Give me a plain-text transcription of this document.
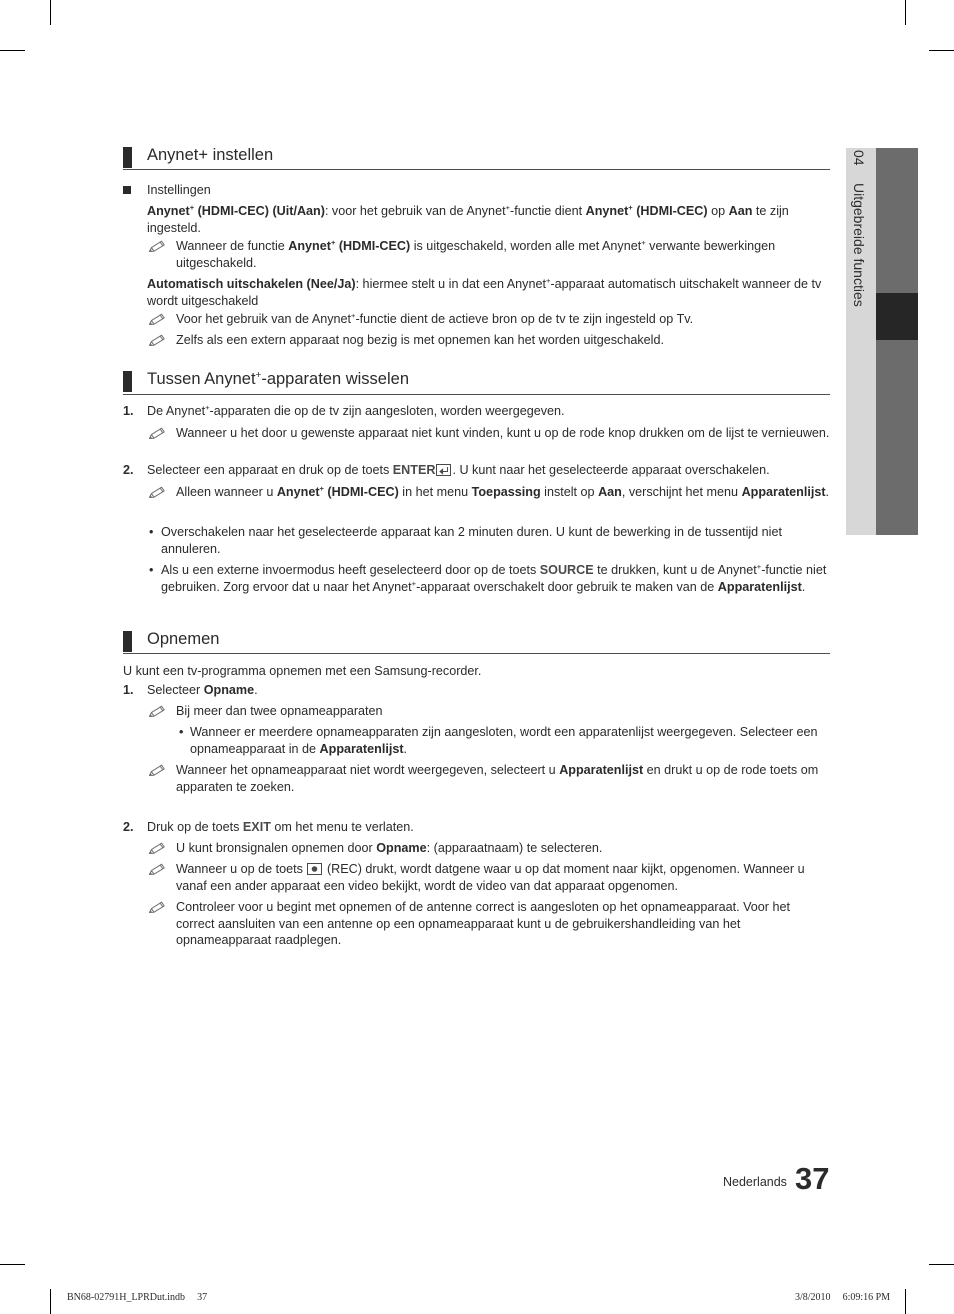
04
Uitgebreide functies
Anynet+ instellen
Instellingen
Anynet+ (HDMI-CEC) (Uit/Aan): voor het gebruik van de Anynet+-functie dient Anynet+ (HDMI-CEC) op Aan te zijn ingesteld.
Wanneer de functie Anynet+ (HDMI-CEC) is uitgeschakeld, worden alle met Anynet+ verwante bewerkingen uitgeschakeld.
Automatisch uitschakelen (Nee/Ja): hiermee stelt u in dat een Anynet+-apparaat automatisch uitschakelt wanneer de tv wordt uitgeschakeld
Voor het gebruik van de Anynet+-functie dient de actieve bron op de tv te zijn ingesteld op Tv.
Zelfs als een extern apparaat nog bezig is met opnemen kan het worden uitgeschakeld.
Tussen Anynet+-apparaten wisselen
1.	De Anynet+-apparaten die op de tv zijn aangesloten, worden weergegeven.
Wanneer u het door u gewenste apparaat niet kunt vinden, kunt u op de rode knop drukken om de lijst te vernieuwen.
2.	Selecteer een apparaat en druk op de toets ENTER . U kunt naar het geselecteerde apparaat overschakelen.
Alleen wanneer u Anynet+ (HDMI-CEC) in het menu Toepassing instelt op Aan, verschijnt het menu Apparatenlijst.
• Overschakelen naar het geselecteerde apparaat kan 2 minuten duren. U kunt de bewerking in de tussentijd niet annuleren.
• Als u een externe invoermodus heeft geselecteerd door op de toets SOURCE te drukken, kunt u de Anynet+-functie niet gebruiken. Zorg ervoor dat u naar het Anynet+-apparaat overschakelt door gebruik te maken van de Apparatenlijst.
Opnemen
U kunt een tv-programma opnemen met een Samsung-recorder.
1.	Selecteer Opname.
Bij meer dan twee opnameapparaten
• Wanneer er meerdere opnameapparaten zijn aangesloten, wordt een apparatenlijst weergegeven. Selecteer een opnameapparaat in de Apparatenlijst.
Wanneer het opnameapparaat niet wordt weergegeven, selecteert u Apparatenlijst en drukt u op de rode toets om apparaten te zoeken.
2.	Druk op de toets EXIT om het menu te verlaten.
U kunt bronsignalen opnemen door Opname: (apparaatnaam) te selecteren.
Wanneer u op de toets  (REC) drukt, wordt datgene waar u op dat moment naar kijkt, opgenomen. Wanneer u vanaf een ander apparaat een video bekijkt, wordt de video van dat apparaat opgenomen.
Controleer voor u begint met opnemen of de antenne correct is aangesloten op het opnameapparaat. Voor het correct aansluiten van een antenne op een opnameapparaat kunt u de gebruikershandleiding van het opnameapparaat raadplegen.
Nederlands 37
BN68-02791H_LPRDut.indb 37	3/8/2010 6:09:16 PM
